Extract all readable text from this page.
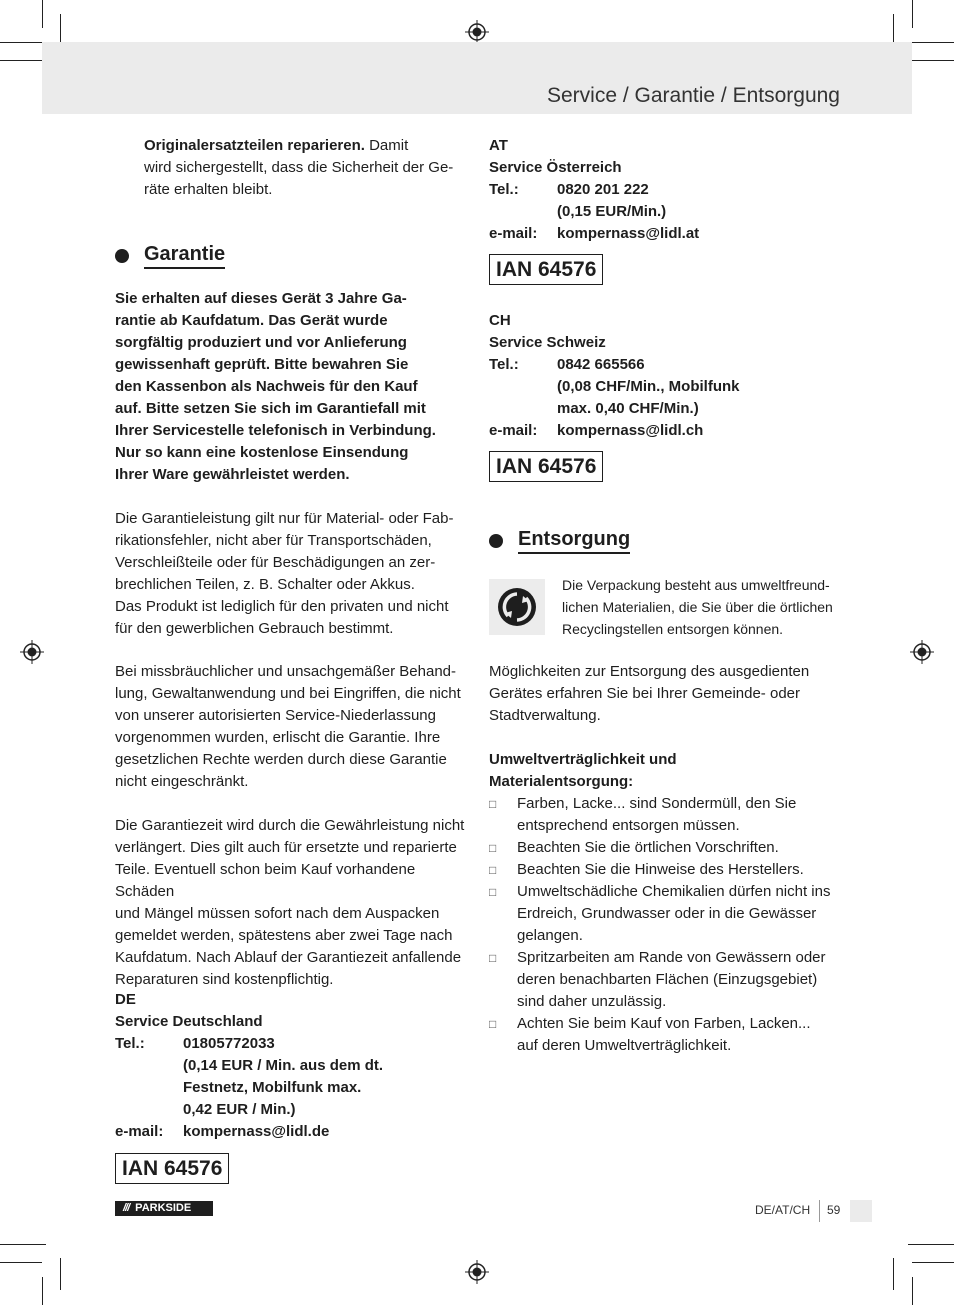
Service / Garantie / Entsorgung
Originalersatzteilen reparieren. Damit
wird sichergestellt, dass die Sicherheit der Ge-
räte erhalten bleibt.
Garantie
Sie erhalten auf dieses Gerät 3 Jahre Ga-
rantie ab Kaufdatum. Das Gerät wurde
sorgfältig produziert und vor Anlieferung
gewissenhaft geprüft. Bitte bewahren Sie
den Kassenbon als Nachweis für den Kauf
auf. Bitte setzen Sie sich im Garantiefall mit
Ihrer Servicestelle telefonisch in Verbindung.
Nur so kann eine kostenlose Einsendung
Ihrer Ware gewährleistet werden.
Die Garantieleistung gilt nur für Material- oder Fab-
rikationsfehler, nicht aber für Transportschäden,
Verschleißteile oder für Beschädigungen an zer-
brechlichen Teilen, z. B. Schalter oder Akkus.
Das Produkt ist lediglich für den privaten und nicht
für den gewerblichen Gebrauch bestimmt.
Bei missbräuchlicher und unsachgemäßer Behand-
lung, Gewaltanwendung und bei Eingriffen, die nicht
von unserer autorisierten Service-Niederlassung
vorgenommen wurden, erlischt die Garantie. Ihre
gesetzlichen Rechte werden durch diese Garantie
nicht eingeschränkt.
Die Garantiezeit wird durch die Gewährleistung nicht
verlängert. Dies gilt auch für ersetzte und reparierte
Teile. Eventuell schon beim Kauf vorhandene Schäden
und Mängel müssen sofort nach dem Auspacken
gemeldet werden, spätestens aber zwei Tage nach
Kaufdatum. Nach Ablauf der Garantiezeit anfallende
Reparaturen sind kostenpflichtig.
DE
Service Deutschland
Tel.:	01805772033
(0,14 EUR / Min. aus dem dt.
Festnetz, Mobilfunk max.
0,42 EUR / Min.)
e-mail:	kompernass@lidl.de
IAN 64576
/// PARKSIDE
AT
Service Österreich
Tel.:	0820 201 222
(0,15 EUR/Min.)
e-mail:	kompernass@lidl.at
IAN 64576
CH
Service Schweiz
Tel.:	0842 665566
(0,08 CHF/Min., Mobilfunk
max. 0,40 CHF/Min.)
e-mail:	kompernass@lidl.ch
IAN 64576
Entsorgung
Die Verpackung besteht aus umweltfreund-
lichen Materialien, die Sie über die örtlichen
Recyclingstellen entsorgen können.
Möglichkeiten zur Entsorgung des ausgedienten
Gerätes erfahren Sie bei Ihrer Gemeinde- oder
Stadtverwaltung.
Umweltverträglichkeit und
Materialentsorgung:
□	Farben, Lacke... sind Sondermüll, den Sie
entsprechend entsorgen müssen.
□	Beachten Sie die örtlichen Vorschriften.
□	Beachten Sie die Hinweise des Herstellers.
□	Umweltschädliche Chemikalien dürfen nicht ins
Erdreich, Grundwasser oder in die Gewässer
gelangen.
□	Spritzarbeiten am Rande von Gewässern oder
deren benachbarten Flächen (Einzugsgebiet)
sind daher unzulässig.
□	Achten Sie beim Kauf von Farben, Lacken...
auf deren Umweltverträglichkeit.
DE/AT/CH 59
